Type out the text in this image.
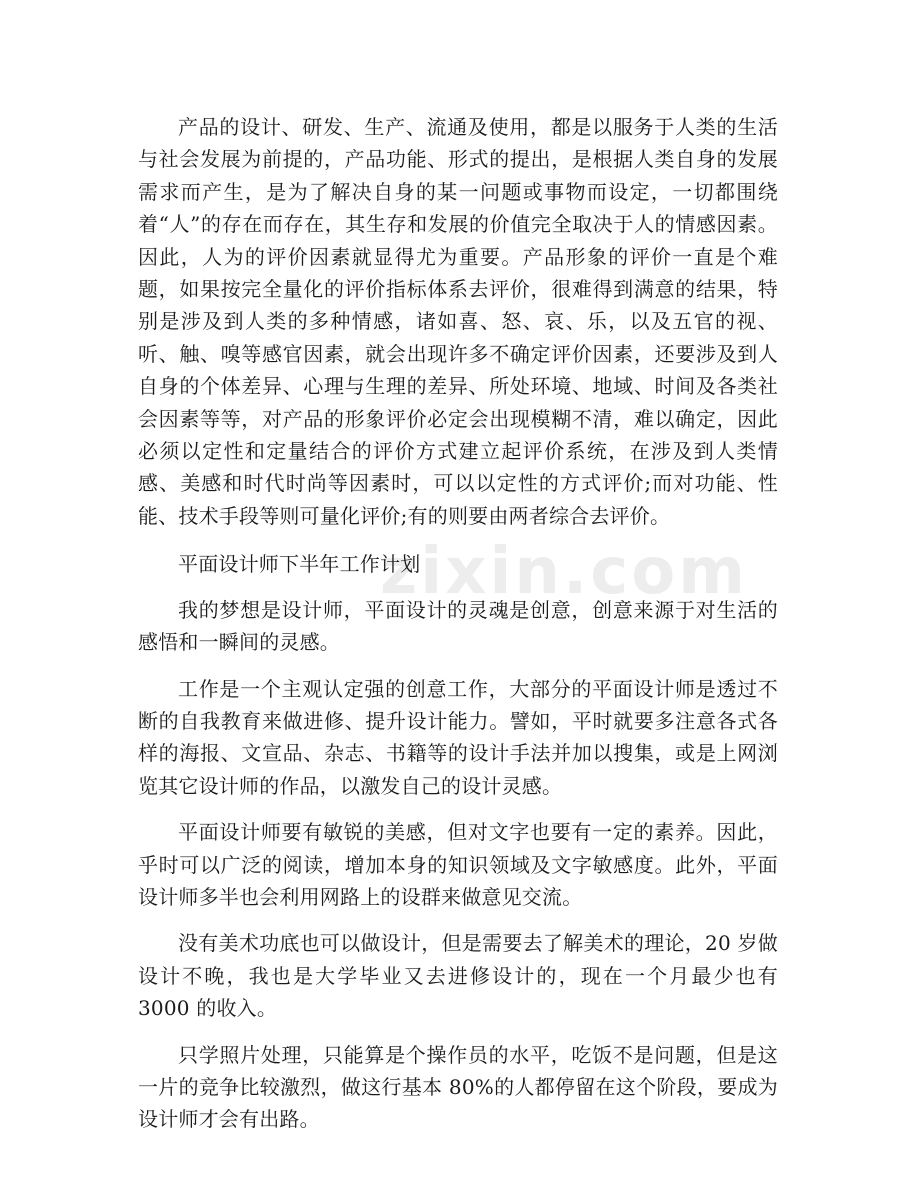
zixin.com

产品的设计、研发、生产、流通及使用，都是以服务于人类的生活与社会发展为前提的，产品功能、形式的提出，是根据人类自身的发展需求而产生，是为了解决自身的某一问题或事物而设定，一切都围绕着“人”的存在而存在，其生存和发展的价值完全取决于人的情感因素。因此，人为的评价因素就显得尤为重要。产品形象的评价一直是个难题，如果按完全量化的评价指标体系去评价，很难得到满意的结果，特别是涉及到人类的多种情感，诸如喜、怒、哀、乐，以及五官的视、听、触、嗅等感官因素，就会出现许多不确定评价因素，还要涉及到人自身的个体差异、心理与生理的差异、所处环境、地域、时间及各类社会因素等等，对产品的形象评价必定会出现模糊不清，难以确定，因此必须以定性和定量结合的评价方式建立起评价系统，在涉及到人类情感、美感和时代时尚等因素时，可以以定性的方式评价;而对功能、性能、技术手段等则可量化评价;有的则要由两者综合去评价。

平面设计师下半年工作计划

我的梦想是设计师，平面设计的灵魂是创意，创意来源于对生活的感悟和一瞬间的灵感。

工作是一个主观认定强的创意工作，大部分的平面设计师是透过不断的自我教育来做进修、提升设计能力。譬如，平时就要多注意各式各样的海报、文宣品、杂志、书籍等的设计手法并加以搜集，或是上网浏览其它设计师的作品，以激发自己的设计灵感。

平面设计师要有敏锐的美感，但对文字也要有一定的素养。因此，乎时可以广泛的阅读，增加本身的知识领域及文字敏感度。此外，平面设计师多半也会利用网路上的设群来做意见交流。

没有美术功底也可以做设计，但是需要去了解美术的理论，20 岁做设计不晚，我也是大学毕业又去进修设计的，现在一个月最少也有 3000 的收入。

只学照片处理，只能算是个操作员的水平，吃饭不是问题，但是这一片的竞争比较激烈，做这行基本 80%的人都停留在这个阶段，要成为设计师才会有出路。
